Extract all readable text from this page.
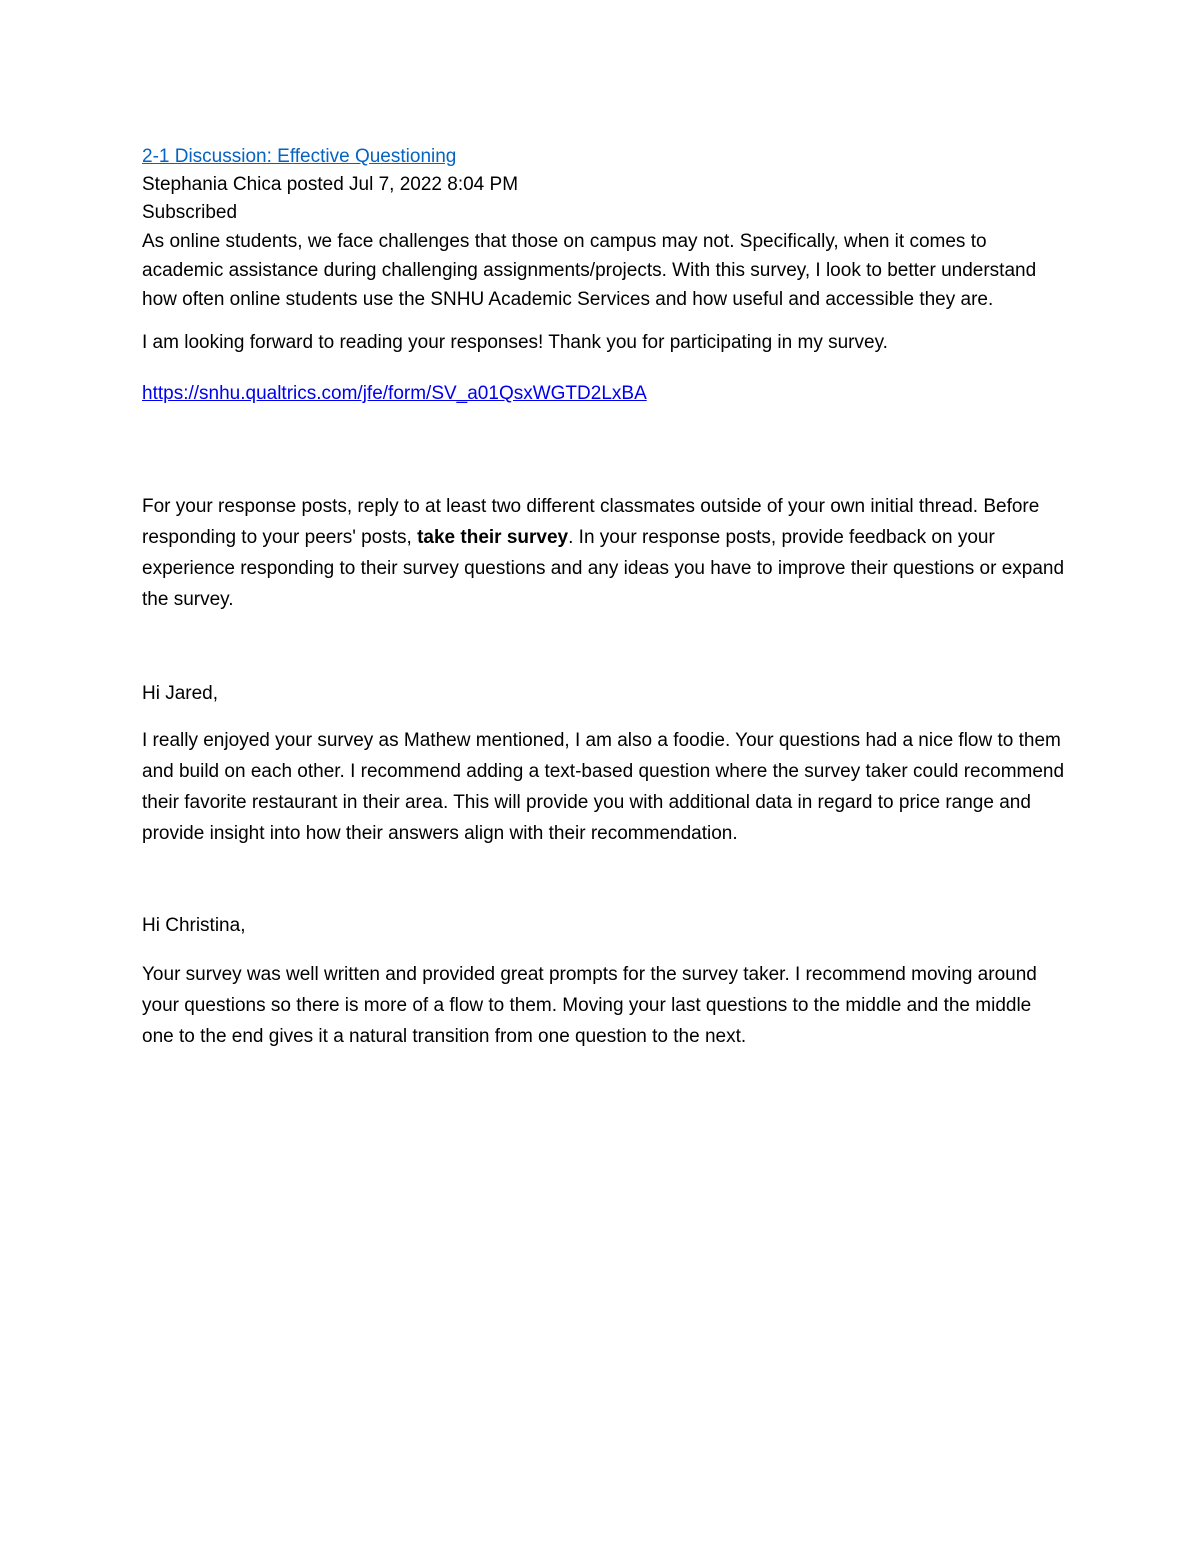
2-1 Discussion: Effective Questioning

Stephania Chica posted Jul 7, 2022 8:04 PM

Subscribed

As online students, we face challenges that those on campus may not. Specifically, when it comes to academic assistance during challenging assignments/projects. With this survey, I look to better understand how often online students use the SNHU Academic Services and how useful and accessible they are.

I am looking forward to reading your responses! Thank you for participating in my survey.

https://snhu.qualtrics.com/jfe/form/SV_a01QsxWGTD2LxBA

For your response posts, reply to at least two different classmates outside of your own initial thread. Before responding to your peers' posts, take their survey. In your response posts, provide feedback on your experience responding to their survey questions and any ideas you have to improve their questions or expand the survey.

Hi Jared,

I really enjoyed your survey as Mathew mentioned, I am also a foodie. Your questions had a nice flow to them and build on each other. I recommend adding a text-based question where the survey taker could recommend their favorite restaurant in their area. This will provide you with additional data in regard to price range and provide insight into how their answers align with their recommendation.

Hi Christina,

Your survey was well written and provided great prompts for the survey taker. I recommend moving around your questions so there is more of a flow to them. Moving your last questions to the middle and the middle one to the end gives it a natural transition from one question to the next.
